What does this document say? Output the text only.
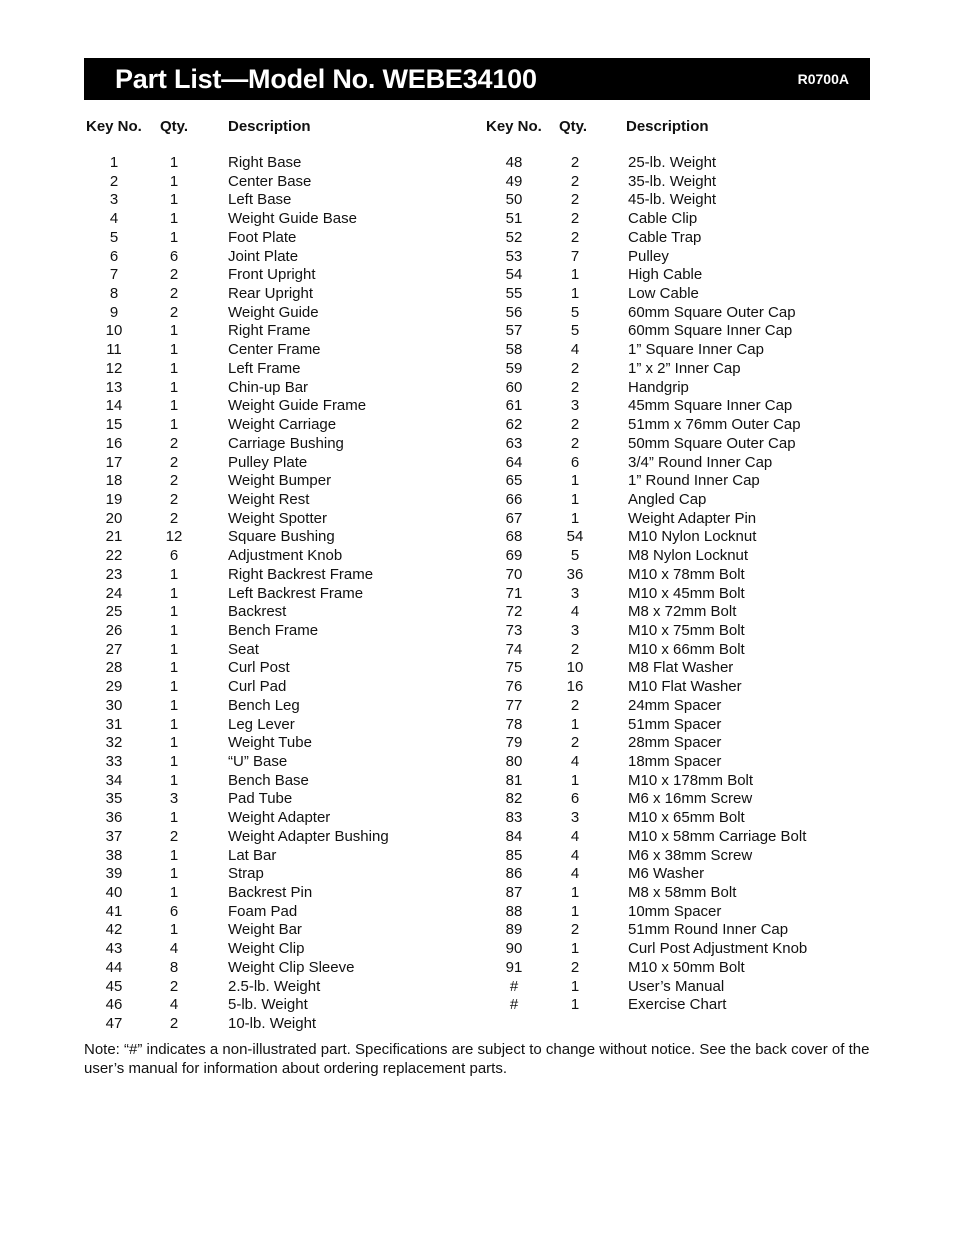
Part List—Model No. WEBE34100	R0700A
Key No. Qty.	Description
1	1	Right Base
2	1	Center Base
3	1	Left Base
4	1	Weight Guide Base
5	1	Foot Plate
6	6	Joint Plate
7	2	Front Upright
8	2	Rear Upright
9	2	Weight Guide
10	1	Right Frame
11	1	Center Frame
12	1	Left Frame
13	1	Chin-up Bar
14	1	Weight Guide Frame
15	1	Weight Carriage
16	2	Carriage Bushing
17	2	Pulley Plate
18	2	Weight Bumper
19	2	Weight Rest
20	2	Weight Spotter
21	12	Square Bushing
22	6	Adjustment Knob
23	1	Right Backrest Frame
24	1	Left Backrest Frame
25	1	Backrest
26	1	Bench Frame
27	1	Seat
28	1	Curl Post
29	1	Curl Pad
30	1	Bench Leg
31	1	Leg Lever
32	1	Weight Tube
33	1	“U” Base
34	1	Bench Base
35	3	Pad Tube
36	1	Weight Adapter
37	2	Weight Adapter Bushing
38	1	Lat Bar
39	1	Strap
40	1	Backrest Pin
41	6	Foam Pad
42	1	Weight Bar
43	4	Weight Clip
44	8	Weight Clip Sleeve
45	2	2.5-lb. Weight
46	4	5-lb. Weight
47	2	10-lb. Weight
Key No. Qty.	Description
48	2	25-lb. Weight
49	2	35-lb. Weight
50	2	45-lb. Weight
51	2	Cable Clip
52	2	Cable Trap
53	7	Pulley
54	1	High Cable
55	1	Low Cable
56	5	60mm Square Outer Cap
57	5	60mm Square Inner Cap
58	4	1” Square Inner Cap
59	2	1” x 2” Inner Cap
60	2	Handgrip
61	3	45mm Square Inner Cap
62	2	51mm x 76mm Outer Cap
63	2	50mm Square Outer Cap
64	6	3/4” Round Inner Cap
65	1	1” Round Inner Cap
66	1	Angled Cap
67	1	Weight Adapter Pin
68	54	M10 Nylon Locknut
69	5	M8 Nylon Locknut
70	36	M10 x 78mm Bolt
71	3	M10 x 45mm Bolt
72	4	M8 x 72mm Bolt
73	3	M10 x 75mm Bolt
74	2	M10 x 66mm Bolt
75	10	M8 Flat Washer
76	16	M10 Flat Washer
77	2	24mm Spacer
78	1	51mm Spacer
79	2	28mm Spacer
80	4	18mm Spacer
81	1	M10 x 178mm Bolt
82	6	M6 x 16mm Screw
83	3	M10 x 65mm Bolt
84	4	M10 x 58mm Carriage Bolt
85	4	M6 x 38mm Screw
86	4	M6 Washer
87	1	M8 x 58mm Bolt
88	1	10mm Spacer
89	2	51mm Round Inner Cap
90	1	Curl Post Adjustment Knob
91	2	M10 x 50mm Bolt
#	1	User’s Manual
#	1	Exercise Chart
Note: “#” indicates a non-illustrated part. Specifications are subject to change without notice. See the back cover of the user’s manual for information about ordering replacement parts.
